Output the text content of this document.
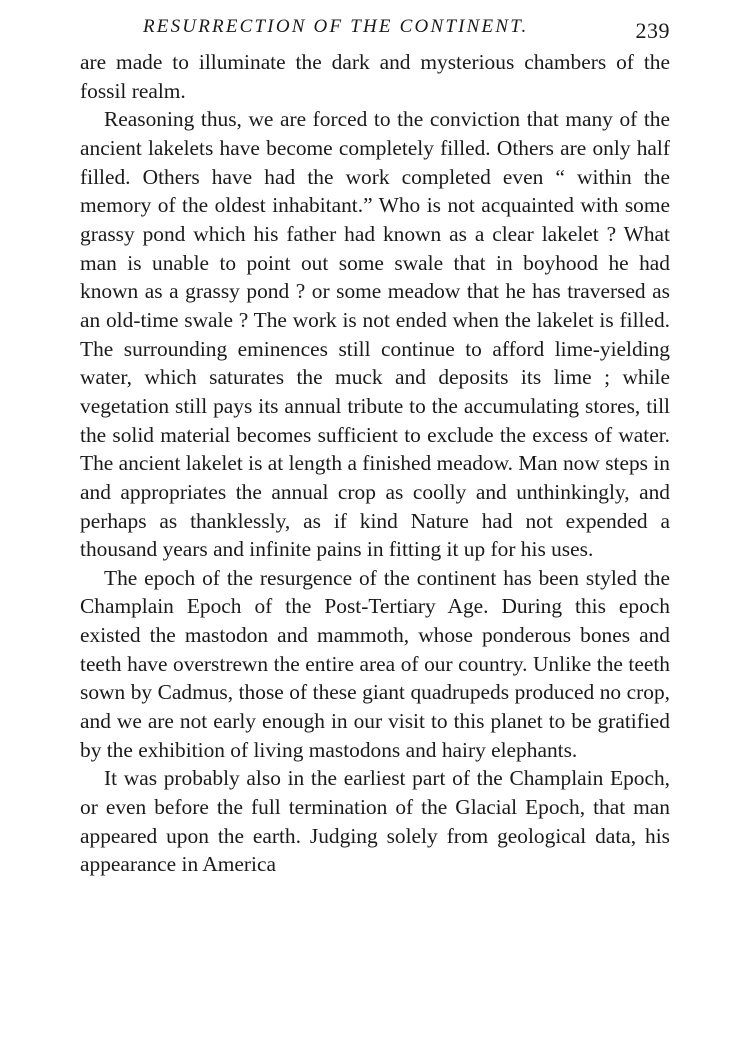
RESURRECTION OF THE CONTINENT.	239

are made to illuminate the dark and mysterious chambers of the fossil realm.

Reasoning thus, we are forced to the conviction that many of the ancient lakelets have become completely filled. Others are only half filled. Others have had the work completed even “ within the memory of the oldest inhabitant.” Who is not acquainted with some grassy pond which his father had known as a clear lakelet ? What man is unable to point out some swale that in boyhood he had known as a grassy pond ? or some meadow that he has traversed as an old-time swale ? The work is not ended when the lakelet is filled. The surrounding eminences still continue to afford lime-yielding water, which saturates the muck and deposits its lime ; while vegetation still pays its annual tribute to the accumulating stores, till the solid material becomes sufficient to exclude the excess of water. The ancient lakelet is at length a finished meadow. Man now steps in and appropriates the annual crop as coolly and unthinkingly, and perhaps as thanklessly, as if kind Nature had not expended a thousand years and infinite pains in fitting it up for his uses.

The epoch of the resurgence of the continent has been styled the Champlain Epoch of the Post-Tertiary Age. During this epoch existed the mastodon and mammoth, whose ponderous bones and teeth have overstrewn the entire area of our country. Unlike the teeth sown by Cadmus, those of these giant quadrupeds produced no crop, and we are not early enough in our visit to this planet to be gratified by the exhibition of living mastodons and hairy elephants.

It was probably also in the earliest part of the Champlain Epoch, or even before the full termination of the Glacial Epoch, that man appeared upon the earth. Judging solely from geological data, his appearance in America
